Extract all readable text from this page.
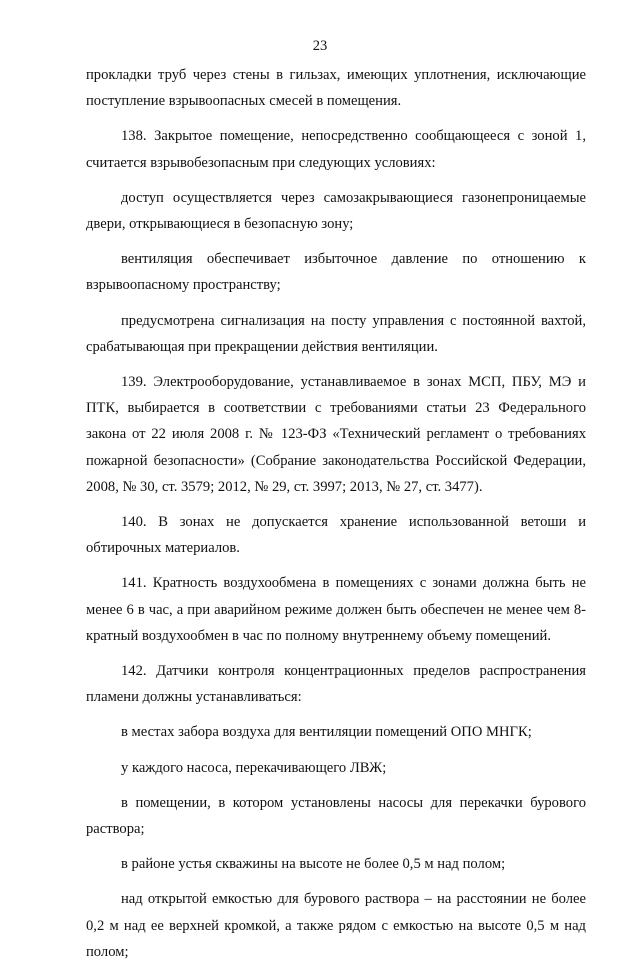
23

прокладки труб через стены в гильзах, имеющих уплотнения, исключающие поступление взрывоопасных смесей в помещения.

138. Закрытое помещение, непосредственно сообщающееся с зоной 1, считается взрывобезопасным при следующих условиях:

доступ осуществляется через самозакрывающиеся газонепроницаемые двери, открывающиеся в безопасную зону;

вентиляция обеспечивает избыточное давление по отношению к взрывоопасному пространству;

предусмотрена сигнализация на посту управления с постоянной вахтой, срабатывающая при прекращении действия вентиляции.

139. Электрооборудование, устанавливаемое в зонах МСП, ПБУ, МЭ и ПТК, выбирается в соответствии с требованиями статьи 23 Федерального закона от 22 июля 2008 г. № 123-ФЗ «Технический регламент о требованиях пожарной безопасности» (Собрание законодательства Российской Федерации, 2008, № 30, ст. 3579; 2012, № 29, ст. 3997; 2013, № 27, ст. 3477).

140. В зонах не допускается хранение использованной ветоши и обтирочных материалов.

141. Кратность воздухообмена в помещениях с зонами должна быть не менее 6 в час, а при аварийном режиме должен быть обеспечен не менее чем 8-кратный воздухообмен в час по полному внутреннему объему помещений.

142. Датчики контроля концентрационных пределов распространения пламени должны устанавливаться:

в местах забора воздуха для вентиляции помещений ОПО МНГК;

у каждого насоса, перекачивающего ЛВЖ;

в помещении, в котором установлены насосы для перекачки бурового раствора;

в районе устья скважины на высоте не более 0,5 м над полом;

над открытой емкостью для бурового раствора – на расстоянии не более 0,2 м над ее верхней кромкой, а также рядом с емкостью на высоте 0,5 м над полом;
